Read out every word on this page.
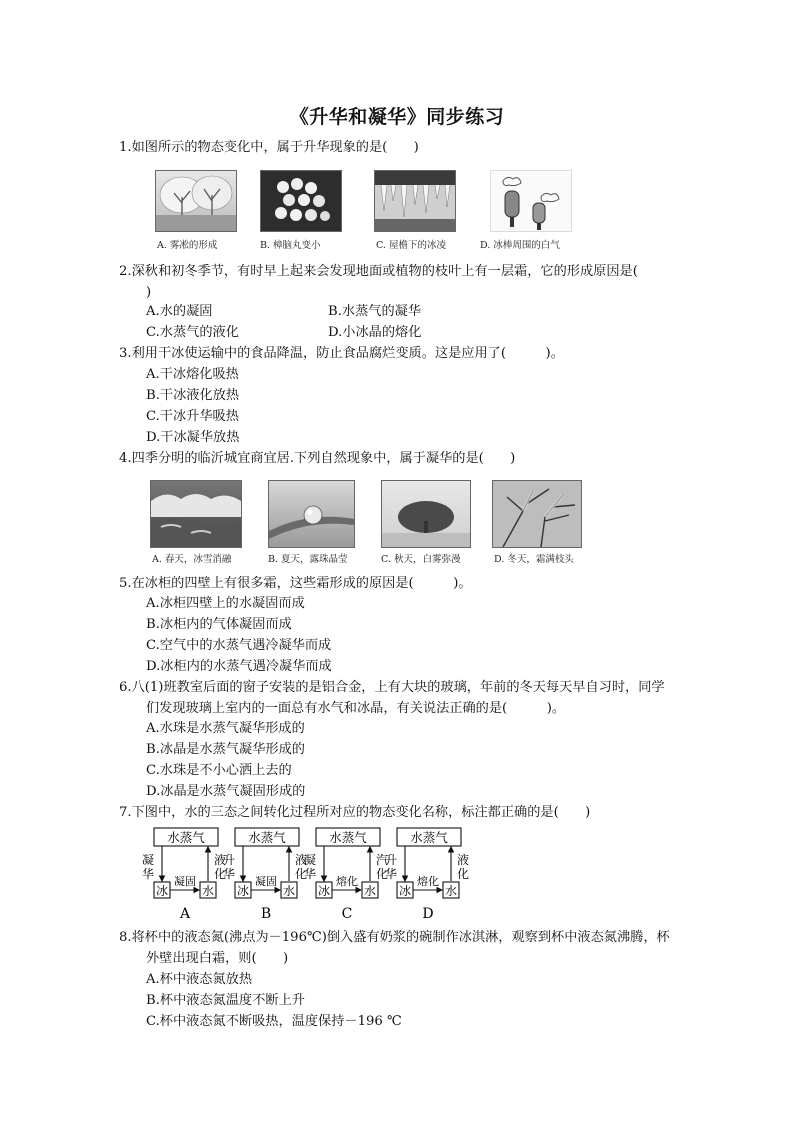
《升华和凝华》同步练习
1.如图所示的物态变化中，属于升华现象的是(　　)
A. 雾凇的形成	B. 樟脑丸变小	C. 屋檐下的冰凌	D. 冰棒周围的白气
2.深秋和初冬季节，有时早上起来会发现地面或植物的枝叶上有一层霜，它的形成原因是(
)
A.水的凝固	B.水蒸气的凝华
C.水蒸气的液化	D.小冰晶的熔化
3.利用干冰使运输中的食品降温，防止食品腐烂变质。这是应用了(　　　)。
A.干冰熔化吸热
B.干冰液化放热
C.干冰升华吸热
D.干冰凝华放热
4.四季分明的临沂城宜商宜居.下列自然现象中，属于凝华的是(　　)
A. 春天，冰雪消融	B. 夏天，露珠晶莹	C. 秋天，白雾弥漫	D. 冬天，霜满枝头
5.在冰柜的四壁上有很多霜，这些霜形成的原因是(　　　)。
A.冰柜四壁上的水凝固而成
B.冰柜内的气体凝固而成
C.空气中的水蒸气遇冷凝华而成
D.冰柜内的水蒸气遇冷凝华而成
6.八(1)班教室后面的窗子安装的是铝合金，上有大块的玻璃，年前的冬天每天早自习时，同学
们发现玻璃上室内的一面总有水气和冰晶，有关说法正确的是(　　　)。
A.水珠是水蒸气凝华形成的
B.冰晶是水蒸气凝华形成的
C.水珠是不小心洒上去的
D.冰晶是水蒸气凝固形成的
7.下图中，水的三态之间转化过程所对应的物态变化名称，标注都正确的是(　　)
水蒸气
冰	水
凝
华
液
化
凝固
A
水蒸气
冰	水
升
华
液
化
凝固
B
水蒸气
冰	水
凝
华
汽
化
熔化
C
水蒸气
冰	水
升
华
液
化
熔化
D
8.将杯中的液态氮(沸点为－196℃)倒入盛有奶浆的碗制作冰淇淋，观察到杯中液态氮沸腾，杯
外壁出现白霜，则(　　)
A.杯中液态氮放热
B.杯中液态氮温度不断上升
C.杯中液态氮不断吸热，温度保持－196 ℃
